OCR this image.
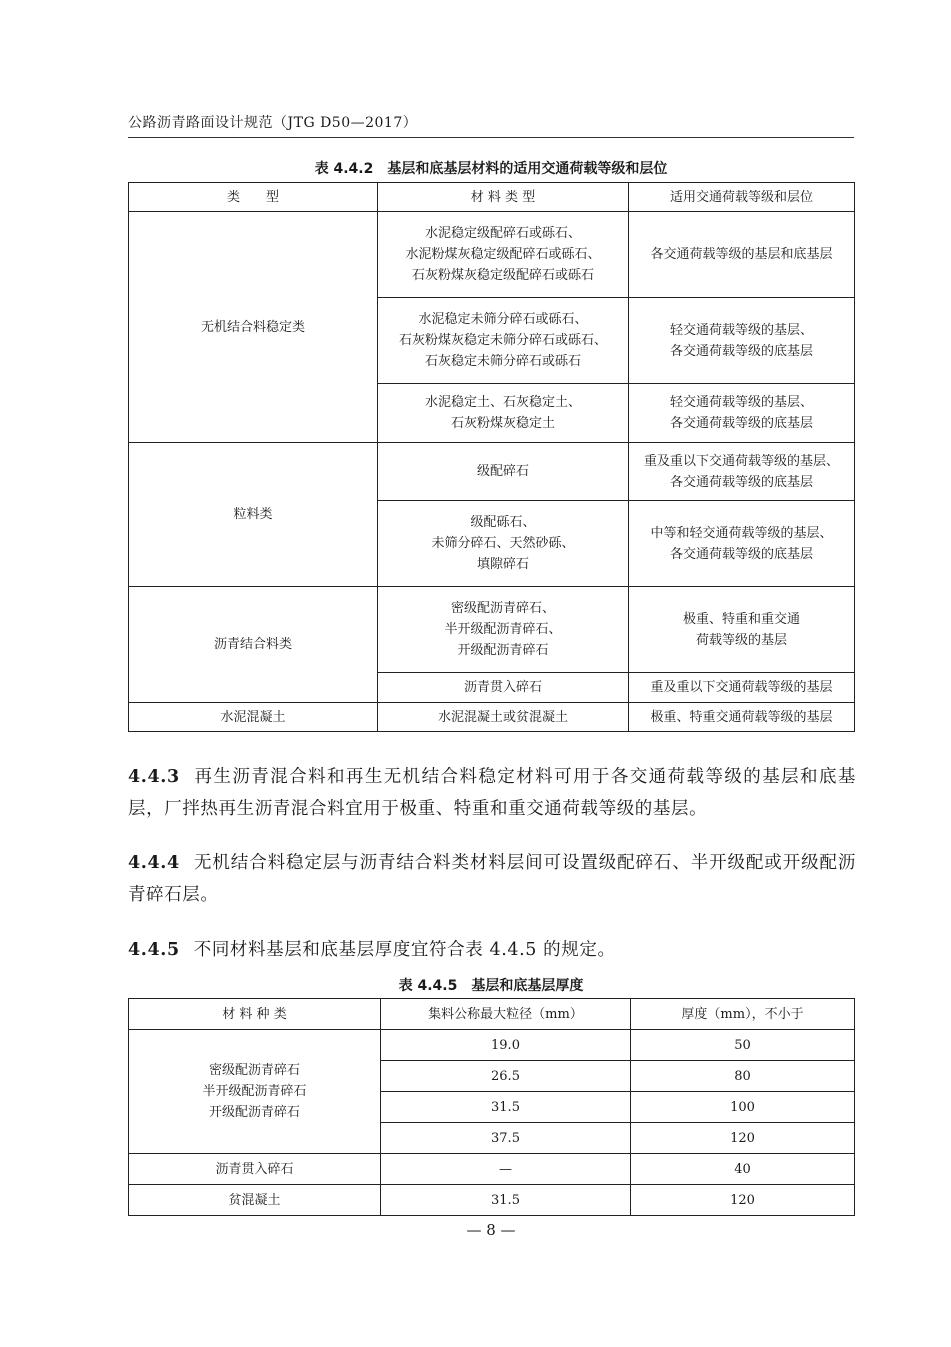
公路沥青路面设计规范（JTG D50—2017）
表 4.4.2　基层和底基层材料的适用交通荷载等级和层位
类　　型	材 料 类 型	适用交通荷载等级和层位
无机结合料稳定类	水泥稳定级配碎石或砾石、
水泥粉煤灰稳定级配碎石或砾石、
石灰粉煤灰稳定级配碎石或砾石	各交通荷载等级的基层和底基层
	水泥稳定未筛分碎石或砾石、
石灰粉煤灰稳定未筛分碎石或砾石、
石灰稳定未筛分碎石或砾石	轻交通荷载等级的基层、
各交通荷载等级的底基层
	水泥稳定土、石灰稳定土、
石灰粉煤灰稳定土	轻交通荷载等级的基层、
各交通荷载等级的底基层
粒料类	级配碎石	重及重以下交通荷载等级的基层、
各交通荷载等级的底基层
	级配砾石、
未筛分碎石、天然砂砾、
填隙碎石	中等和轻交通荷载等级的基层、
各交通荷载等级的底基层
沥青结合料类	密级配沥青碎石、
半开级配沥青碎石、
开级配沥青碎石	极重、特重和重交通
荷载等级的基层
	沥青贯入碎石	重及重以下交通荷载等级的基层
水泥混凝土	水泥混凝土或贫混凝土	极重、特重交通荷载等级的基层
4.4.3 再生沥青混合料和再生无机结合料稳定材料可用于各交通荷载等级的基层和底基层，厂拌热再生沥青混合料宜用于极重、特重和重交通荷载等级的基层。
4.4.4 无机结合料稳定层与沥青结合料类材料层间可设置级配碎石、半开级配或开级配沥青碎石层。
4.4.5 不同材料基层和底基层厚度宜符合表 4.4.5 的规定。
表 4.4.5　基层和底基层厚度
材 料 种 类	集料公称最大粒径（mm）	厚度（mm），不小于
密级配沥青碎石
半开级配沥青碎石
开级配沥青碎石	19.0	50
	26.5	80
	31.5	100
	37.5	120
沥青贯入碎石	—	40
贫混凝土	31.5	120
— 8 —
